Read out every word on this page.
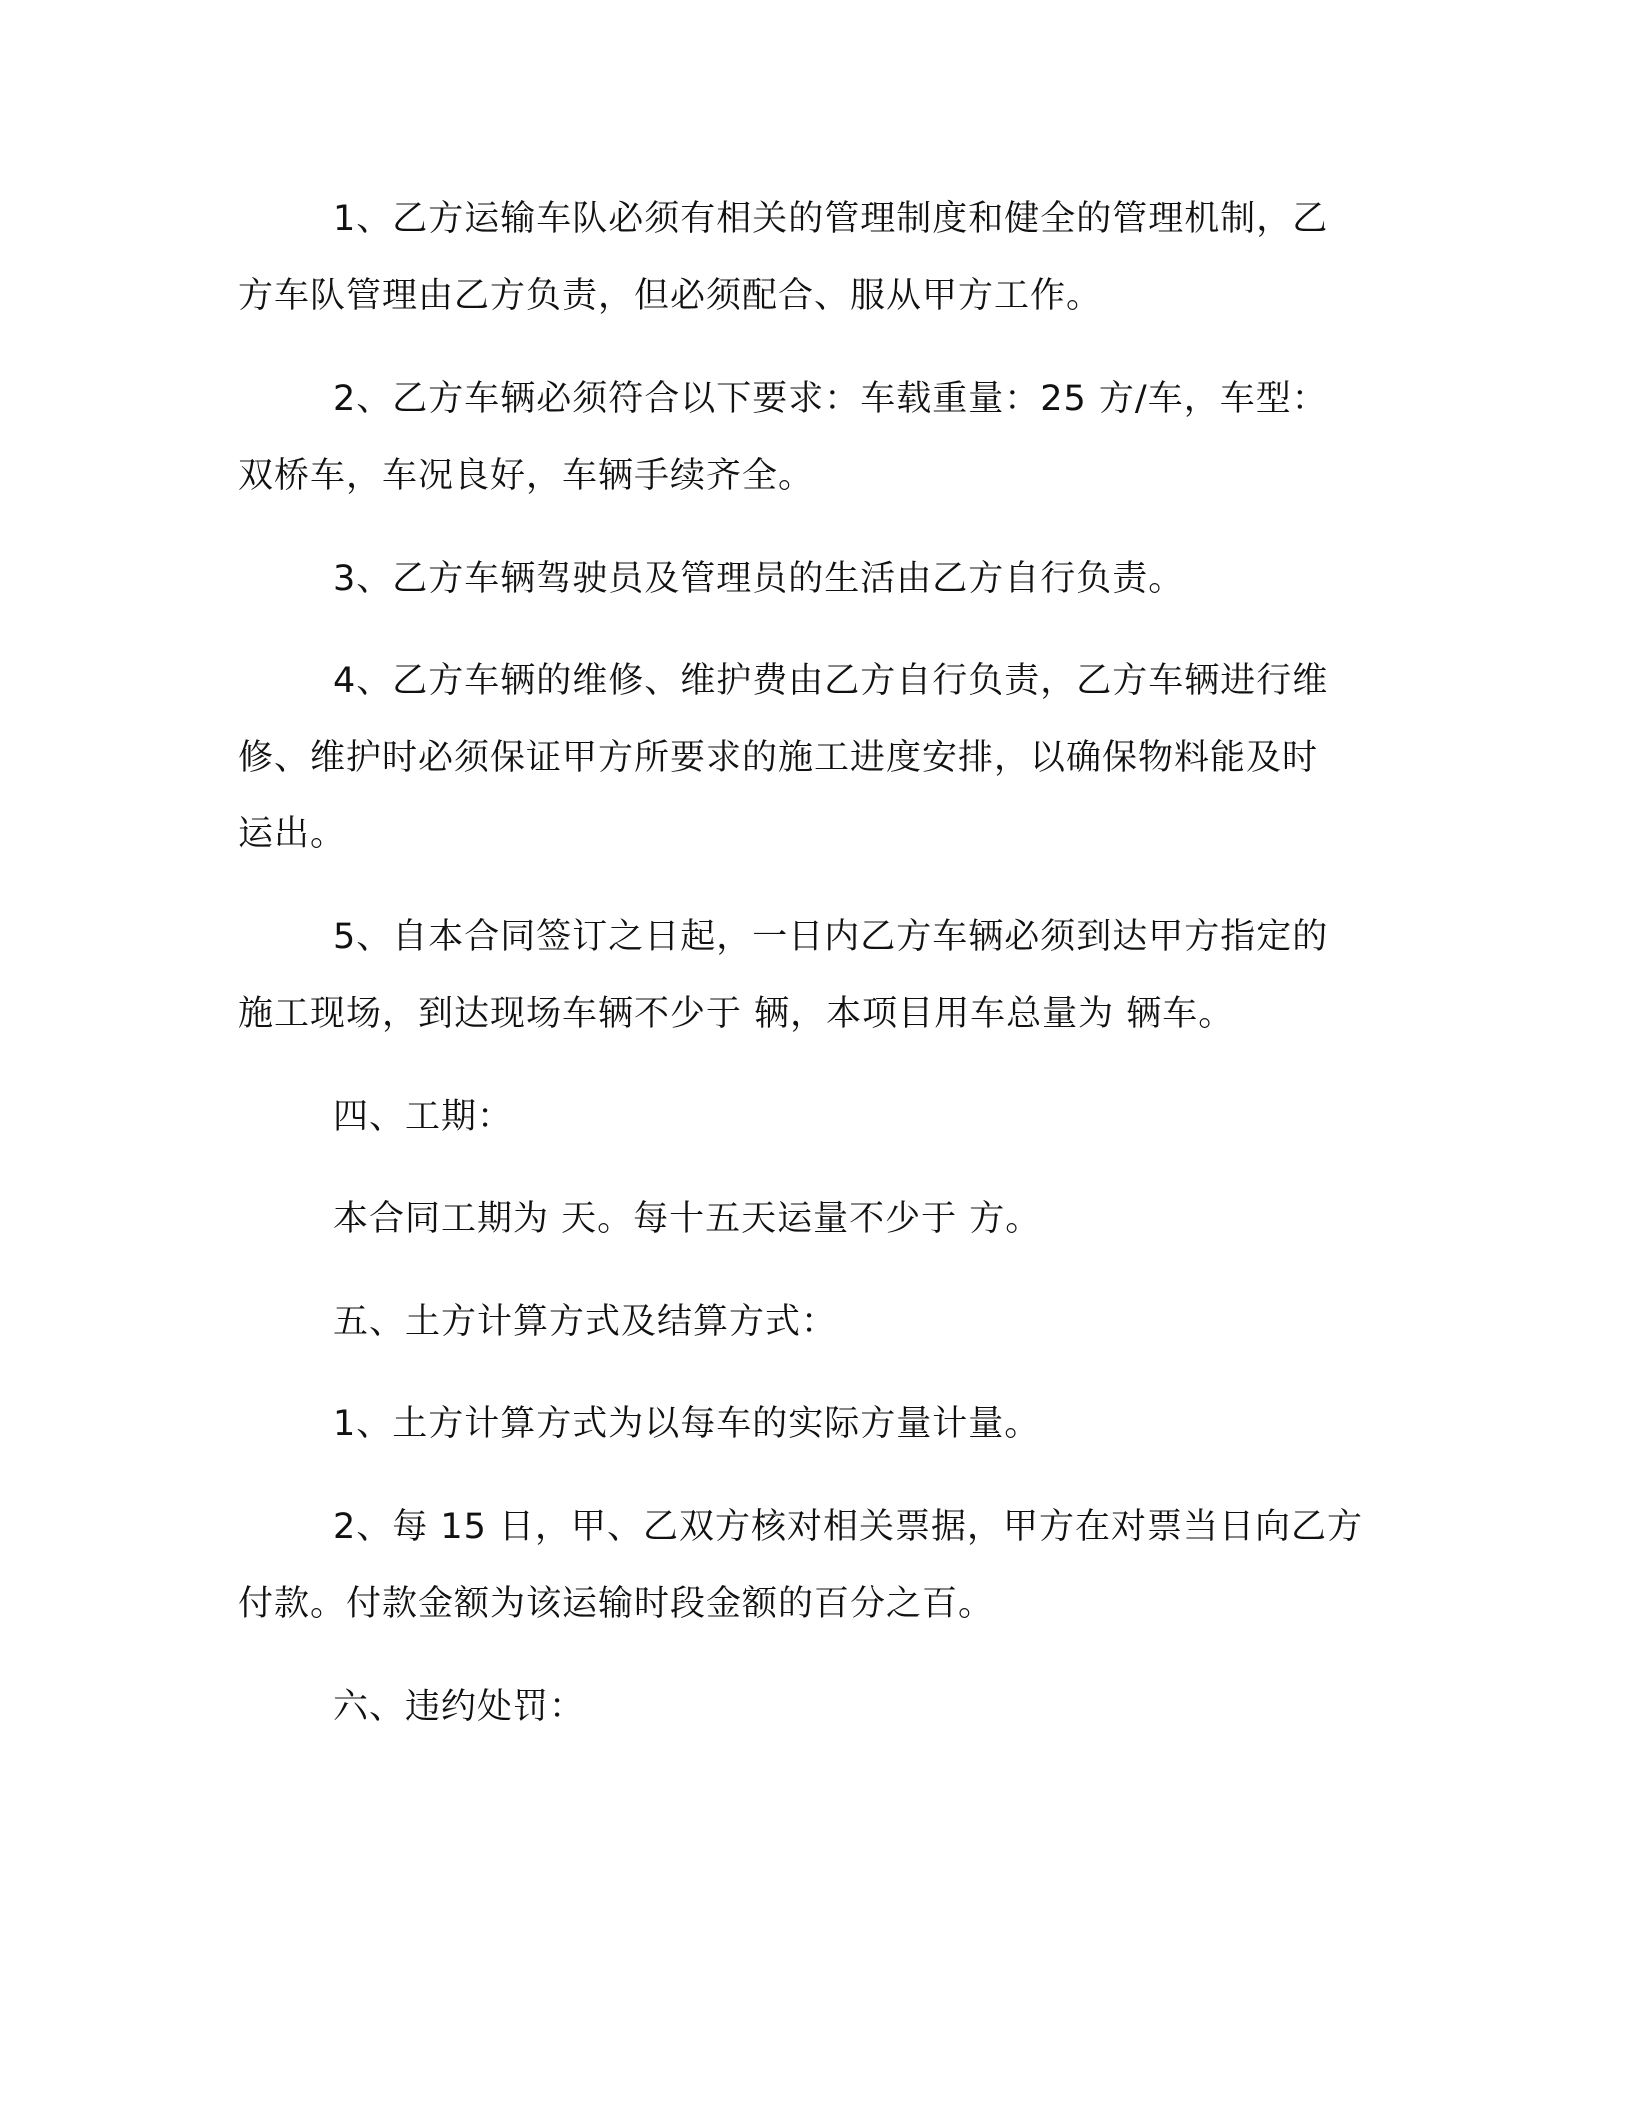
1、乙方运输车队必须有相关的管理制度和健全的管理机制，乙

方车队管理由乙方负责，但必须配合、服从甲方工作。

2、乙方车辆必须符合以下要求：车载重量：25 方/车，车型：

双桥车，车况良好，车辆手续齐全。

3、乙方车辆驾驶员及管理员的生活由乙方自行负责。

4、乙方车辆的维修、维护费由乙方自行负责，乙方车辆进行维

修、维护时必须保证甲方所要求的施工进度安排，以确保物料能及时

运出。

5、自本合同签订之日起，一日内乙方车辆必须到达甲方指定的

施工现场，到达现场车辆不少于 辆，本项目用车总量为 辆车。

四、工期：

本合同工期为 天。每十五天运量不少于 方。

五、土方计算方式及结算方式：

1、土方计算方式为以每车的实际方量计量。

2、每 15 日，甲、乙双方核对相关票据，甲方在对票当日向乙方

付款。付款金额为该运输时段金额的百分之百。

六、违约处罚：
